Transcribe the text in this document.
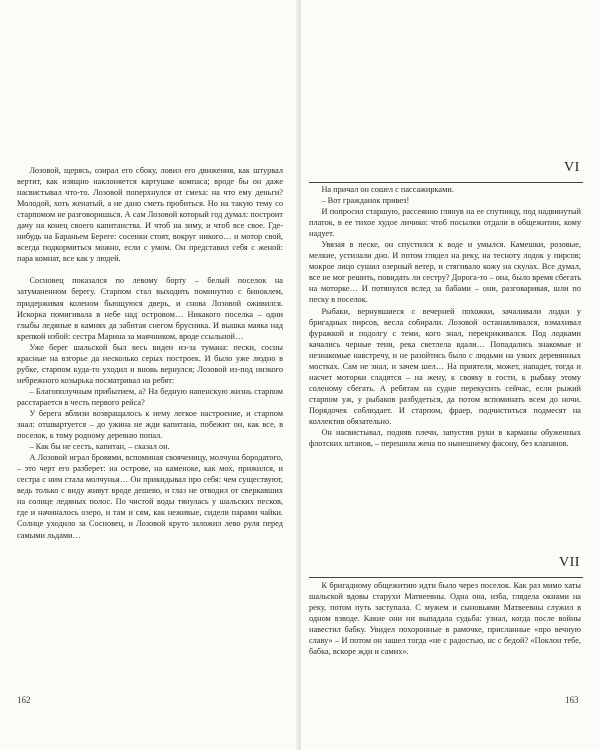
Лозовой, щерясь, озирал его сбоку, ловил его движения, как штурвал вертит, как изящно наклоняется картушке компаса; вроде бы он даже насвистывал что-то. Лозовой поперхнулся от смеха: на что ему деньги? Молодой, хоть женатый, а не дано сметь пробиться. Но на такую тему со старпомом не разговоришься. А сам Лозовой который год думал: построит дачу на конец своего капитанства. И чтоб на зиму, и чтоб все свое. Где-нибудь на Бараньем Береге: сосенки стоят, вокруг никого… и мотор свой, всегда подкормиться можно, если с умом. Он представил себя с женой: пара комнат, все как у людей.

Сосновец показался по левому борту – белый поселок на затуманенном берегу. Старпом стал выходить поминутно с биноклем, придерживая коленом бьющуюся дверь, и снова Лозовой оживился. Искорка помигивала в небе над островом… Никакого поселка – одни глыбы ледяные в камнях да забитая снегом брусника. И вышка маяка над крепкой избой: сестра Марина за маячником, вроде ссыльной…

Уже берег шальской был весь виден из-за тумана: пески, сосны красные на взгорье да несколько серых построек. И было уже людно в рубке, старпом куда-то уходил и вновь вернулся; Лозовой из-под низкого небрежного козырька посматривал на ребят:

– Благополучным прибытием, а? На бедную напенскую жизнь старпом расстарается в честь первого рейса?

У берега вблизи возвращалось к нему легкое настроение, и старпом знал: отшвартуется – до ужина не жди капитана, побежит он, как все, в поселок, к тому родному деревню попал.

– Как бы не сесть, капитан, – сказал он.

А Лозовой играл бровями, вспоминая свояченицу, молчуна бородатого, – это черт его разберет: на острове, на каменоке, как мох, прижился, и сестра с ним стала молчунья… Он прикидывал про себя: чем существуют, ведь только с виду живут вроде дешево, и глаз не отводил от сверкавших на солнце ледяных полос. По чистой воды тянулась у шальских песков, где и начиналось озеро, и там и сям, как неживые, сидели парами чайки. Солнце уходило за Сосновец, и Лозовой круто заложил лево руля перед самыми льдами…

162
VI

На причал он сошел с пассажирками.

– Вот гражданок привез!

И попросил старшую, рассеянно глянув на ее спутницу, под надвинутый платок, в ее тихое худое личико: чтоб посылки отдали в общежитии, кому надует.

Увязая в песке, он спустился к воде и умылся. Камешки, розовые, мелкие, устилали дно. И потом глядел на реку, на тесноту лодок у пирсов; мокрое лицо сушил озерный ветер, и стягивало кожу на скулах. Все думал, все не мог решить, повидать ли сестру? Дорога-то – она, было время сбегать на моторке… И потянулся вслед за бабами – они, разговаривая, шли по песку в поселок.

Рыбаки, вернувшиеся с вечерней похожки, зачаливали лодки у бригадных пирсов, весла собирали. Лозовой останавливался, взмахивал фуражкой и подолгу с теми, кого знал, перекрикивался. Под лодками качались черные тени, река светлела вдали… Попадались знакомые и незнакомые навстречу, и не разойтись было с людьми на узких деревянных мостках. Сам не знал, и зачем шел… На приятеля, может, нападет, тогда и насчет моторки сладятся – на жену, к свояку в гости, к рыбаку этому соленому сбегать. А ребятам на судне перекусить сейчас, если рыжий старпом уж, у рыбаков разбудеться, да потом вспоминать всем до ночи. Порядочек соблюдает. И старпом, фрaер, подчиститься подмесят на коллектив обязательно.

Он насвистывал, подняв плечи, запустив руки в карманы обуженных флотских штанов, – перешила жена по нынешнему фасону, без клапанов.

VII

К бригадному общежитию идти было через поселок. Как раз мимо хаты шальской вдовы старухи Матвеевны. Одна она, изба, глядела окнами на реку, потом путь заступала. С мужем и сыновьями Матвеевны служил в одном взводе. Какие они ни выпадала судьба: узнал, когда после войны навестил бабку. Увидел похоронные в рамочке, присланные «про вечную славу» – И потом он зашел тогда «не с радостью, нс с бедой? «Поклон тебе, бабка, вскоре жди и самих».

163
